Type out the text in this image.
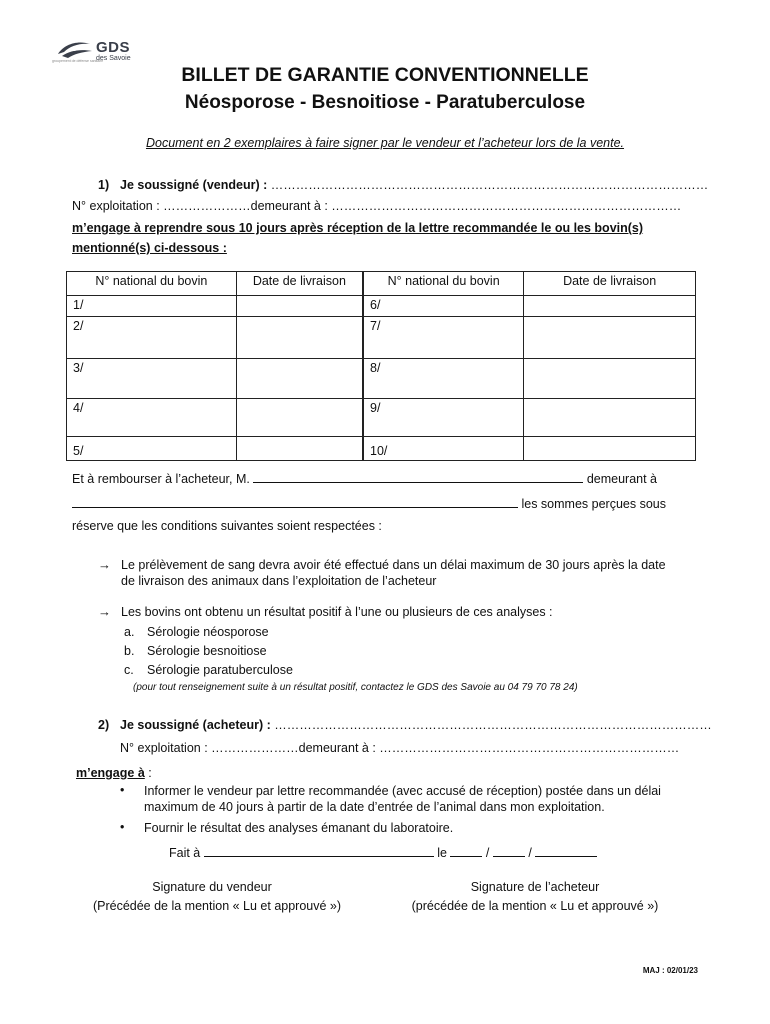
GDS
des Savoie
groupement de défense sanitaire
BILLET DE GARANTIE CONVENTIONNELLE
Néosporose - Besnoitiose - Paratuberculose
Document en 2 exemplaires à faire signer par le vendeur et l’acheteur lors de la vente.
1) Je soussigné (vendeur) : ……………………………………………………………………………………………
N° exploitation : …………………demeurant à : …………………………………………………………………………
m’engage à reprendre sous 10 jours après réception de la lettre recommandée le ou les bovin(s)
mentionné(s) ci-dessous :
N° national du bovin	Date de livraison	N° national du bovin	Date de livraison
1/		6/	
2/		7/	
3/		8/	
4/		9/	
5/		10/	
Et à rembourser à l’acheteur, M.	demeurant à
les sommes perçues sous
réserve que les conditions suivantes soient respectées :
→ Le prélèvement de sang devra avoir été effectué dans un délai maximum de 30 jours après la date
de livraison des animaux dans l’exploitation de l’acheteur
→ Les bovins ont obtenu un résultat positif à l’une ou plusieurs de ces analyses :
a. Sérologie néosporose
b. Sérologie besnoitiose
c. Sérologie paratuberculose
(pour tout renseignement suite à un résultat positif, contactez le GDS des Savoie au 04 79 70 78 24)
2) Je soussigné (acheteur) : ……………………………………………………………………………………………
N° exploitation : …………………demeurant à : ………………………………………………………………
m’engage à :
• Informer le vendeur par lettre recommandée (avec accusé de réception) postée dans un délai
maximum de 40 jours à partir de la date d’entrée de l’animal dans mon exploitation.
• Fournir le résultat des analyses émanant du laboratoire.
Fait à	le	/	/
Signature du vendeur
(Précédée de la mention « Lu et approuvé »)
Signature de l’acheteur
(précédée de la mention « Lu et approuvé »)
MAJ : 02/01/23
